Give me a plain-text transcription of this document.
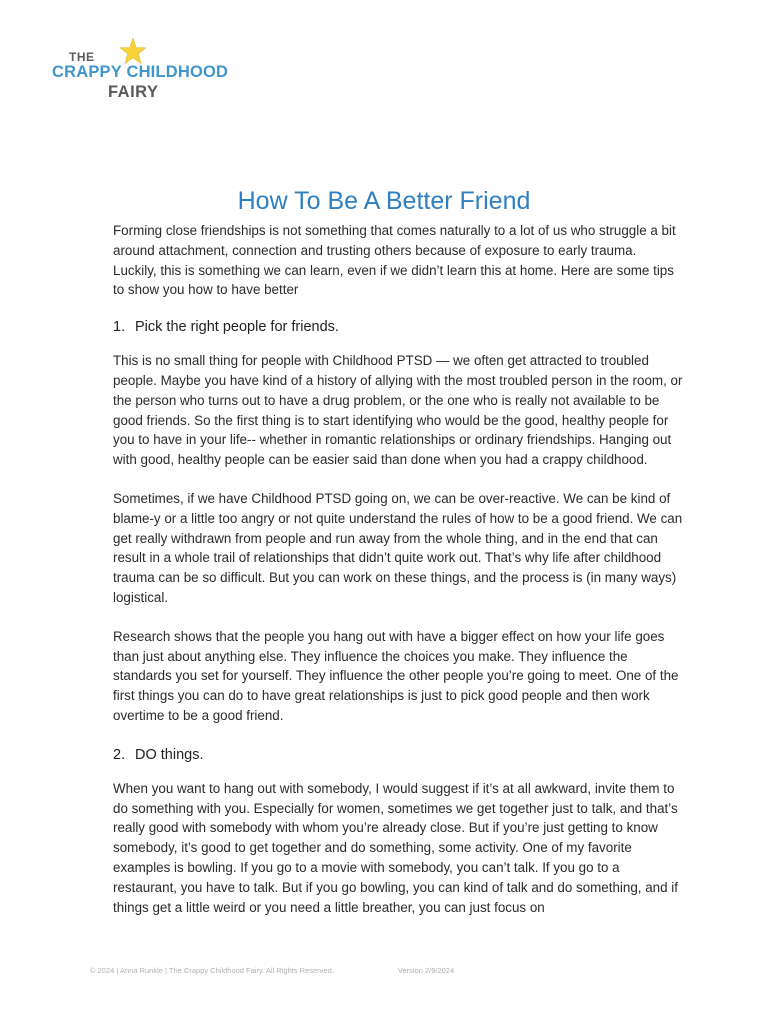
THE
CRAPPY CHILDHOOD
FAIRY
How To Be A Better Friend

Forming close friendships is not something that comes naturally to a lot of us who struggle a bit around attachment, connection and trusting others because of exposure to early trauma. Luckily, this is something we can learn, even if we didn’t learn this at home. Here are some tips to show you how to have better

1. Pick the right people for friends.

This is no small thing for people with Childhood PTSD — we often get attracted to troubled people. Maybe you have kind of a history of allying with the most troubled person in the room, or the person who turns out to have a drug problem, or the one who is really not available to be good friends. So the first thing is to start identifying who would be the good, healthy people for you to have in your life-- whether in romantic relationships or ordinary friendships. Hanging out with good, healthy people can be easier said than done when you had a crappy childhood.

Sometimes, if we have Childhood PTSD going on, we can be over-reactive. We can be kind of blame-y or a little too angry or not quite understand the rules of how to be a good friend. We can get really withdrawn from people and run away from the whole thing, and in the end that can result in a whole trail of relationships that didn’t quite work out. That’s why life after childhood trauma can be so difficult. But you can work on these things, and the process is (in many ways) logistical.

Research shows that the people you hang out with have a bigger effect on how your life goes than just about anything else. They influence the choices you make. They influence the standards you set for yourself. They influence the other people you’re going to meet. One of the first things you can do to have great relationships is just to pick good people and then work overtime to be a good friend.

2. DO things.

When you want to hang out with somebody, I would suggest if it’s at all awkward, invite them to do something with you. Especially for women, sometimes we get together just to talk, and that’s really good with somebody with whom you’re already close. But if you’re just getting to know somebody, it’s good to get together and do something, some activity. One of my favorite examples is bowling. If you go to a movie with somebody, you can’t talk. If you go to a restaurant, you have to talk. But if you go bowling, you can kind of talk and do something, and if things get a little weird or you need a little breather, you can just focus on

© 2024 | Anna Runkle | The Crappy Childhood Fairy. All Rights Reserved.	Version 2/9/2024
